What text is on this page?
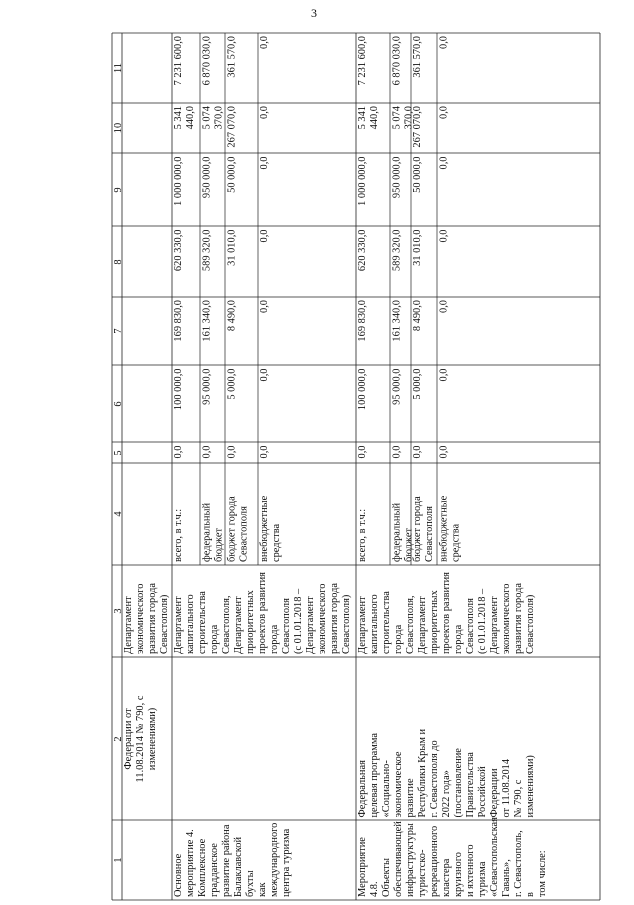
3
1
2
3
4
5
6
7
8
9
10
11
Федерации от
11.08.2014 № 790, с
изменениями)
Департамент
экономического
развития города
Севастополя)
Основное
мероприятие 4.
Комплексное
градданское
развитие района
Балаклавской бухты
как
международного
центра туризма
Департамент
капитального
строительства
города
Севастополя,
Департамент
приоритетных
проектов развития
города
Севастополя
(с 01.01.2018 –
Департамент
экономического
развития города
Севастополя)
всего, в т.ч.:
0,0
100 000,0
169 830,0
620 330,0
1 000 000,0
5 341 440,0
7 231 600,0
федеральный
бюджет
0,0
95 000,0
161 340,0
589 320,0
950 000,0
5 074 370,0
6 870 030,0
бюджет города
Севастополя
0,0
5 000,0
8 490,0
31 010,0
50 000,0
267 070,0
361 570,0
внебюджетные
средства
0,0
0,0
0,0
0,0
0,0
0,0
0,0
Мероприятие 4.8.
Объекты
обеспечивающей
инфраструктуры
туристско-
рекреационного
кластера круизного
и яхтенного
туризма
«Севастопольская
Гавань»,
г. Севастополь, в
том числе:
Федеральная
целевая программа
«Социально-
экономическое
развитие
Республики Крым и
г. Севастополя до
2022 года»
(постановление
Правительства
Российской
Федерации
от 11.08.2014
№ 790, с
изменениями)
Департамент
капитального
строительства
города
Севастополя,
Департамент
приоритетных
проектов развития
города
Севастополя
(с 01.01.2018 –
Департамент
экономического
развития города
Севастополя)
всего, в т.ч.:
0,0
100 000,0
169 830,0
620 330,0
1 000 000,0
5 341 440,0
7 231 600,0
федеральный
бюджет
0,0
95 000,0
161 340,0
589 320,0
950 000,0
5 074 370,0
6 870 030,0
бюджет города
Севастополя
0,0
5 000,0
8 490,0
31 010,0
50 000,0
267 070,0
361 570,0
внебюджетные
средства
0,0
0,0
0,0
0,0
0,0
0,0
0,0
